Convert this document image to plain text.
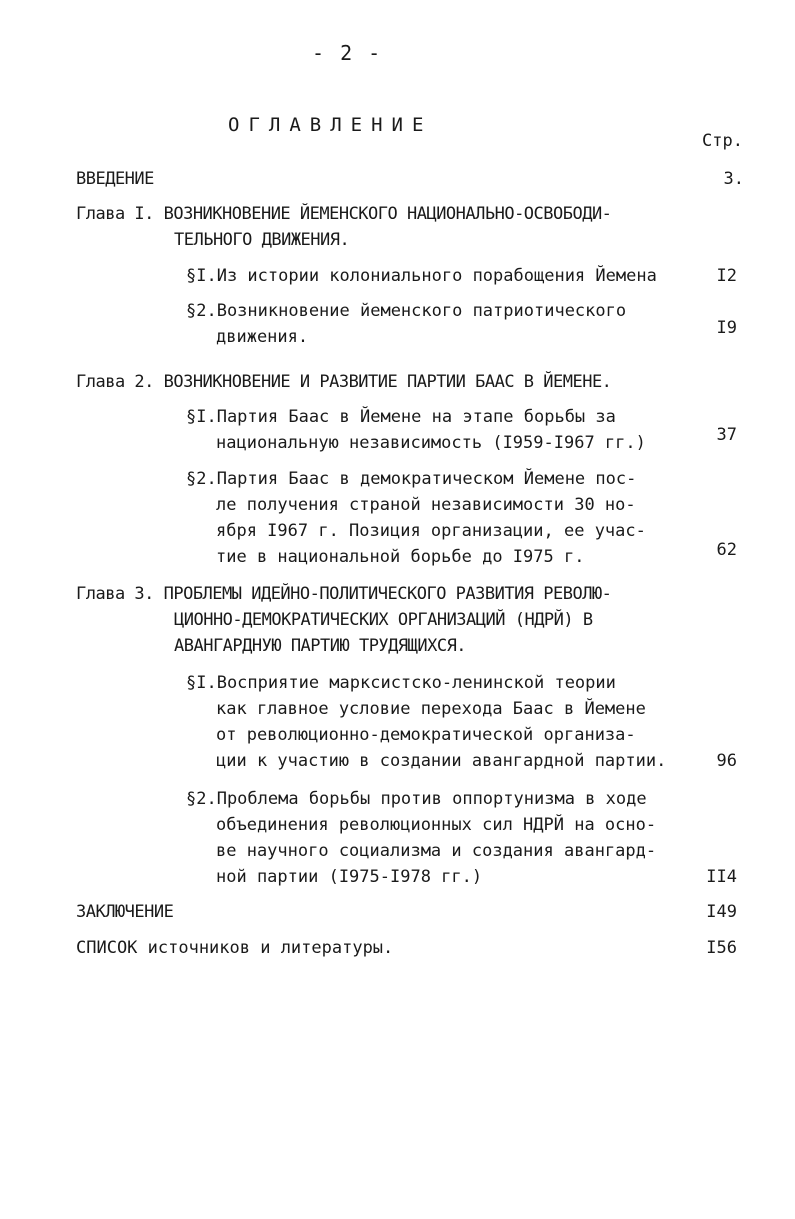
- 2 -
ОГЛАВЛЕНИЕ
Стр.
ВВЕДЕНИЕ	3.
Глава I. ВОЗНИКНОВЕНИЕ ЙЕМЕНСКОГО НАЦИОНАЛЬНО-ОСВОБОДИ-
ТЕЛЬНОГО ДВИЖЕНИЯ.
§I.Из истории колониального порабощения Йемена	I2
§2.Возникновение йеменского патриотического
движения.	I9
Глава 2. ВОЗНИКНОВЕНИЕ И РАЗВИТИЕ ПАРТИИ БААС В ЙЕМЕНЕ.
§I.Партия Баас в Йемене на этапе борьбы за
национальную независимость (I959-I967 гг.)	37
§2.Партия Баас в демократическом Йемене пос-
ле получения страной независимости 30 но-
ября I967 г. Позиция организации, ее учас-
тие в национальной борьбе до I975 г.	62
Глава 3. ПРОБЛЕМЫ ИДЕЙНО-ПОЛИТИЧЕСКОГО РАЗВИТИЯ РЕВОЛЮ-
ЦИОННО-ДЕМОКРАТИЧЕСКИХ ОРГАНИЗАЦИЙ (НДРЙ) В
АВАНГАРДНУЮ ПАРТИЮ ТРУДЯЩИХСЯ.
§I.Восприятие марксистско-ленинской теории
как главное условие перехода Баас в Йемене
от революционно-демократической организа-
ции к участию в создании авангардной партии.	96
§2.Проблема борьбы против оппортунизма в ходе
объединения революционных сил НДРЙ на осно-
ве научного социализма и создания авангард-
ной партии (I975-I978 гг.)	II4
ЗАКЛЮЧЕНИЕ	I49
СПИСОК источников и литературы.	I56
